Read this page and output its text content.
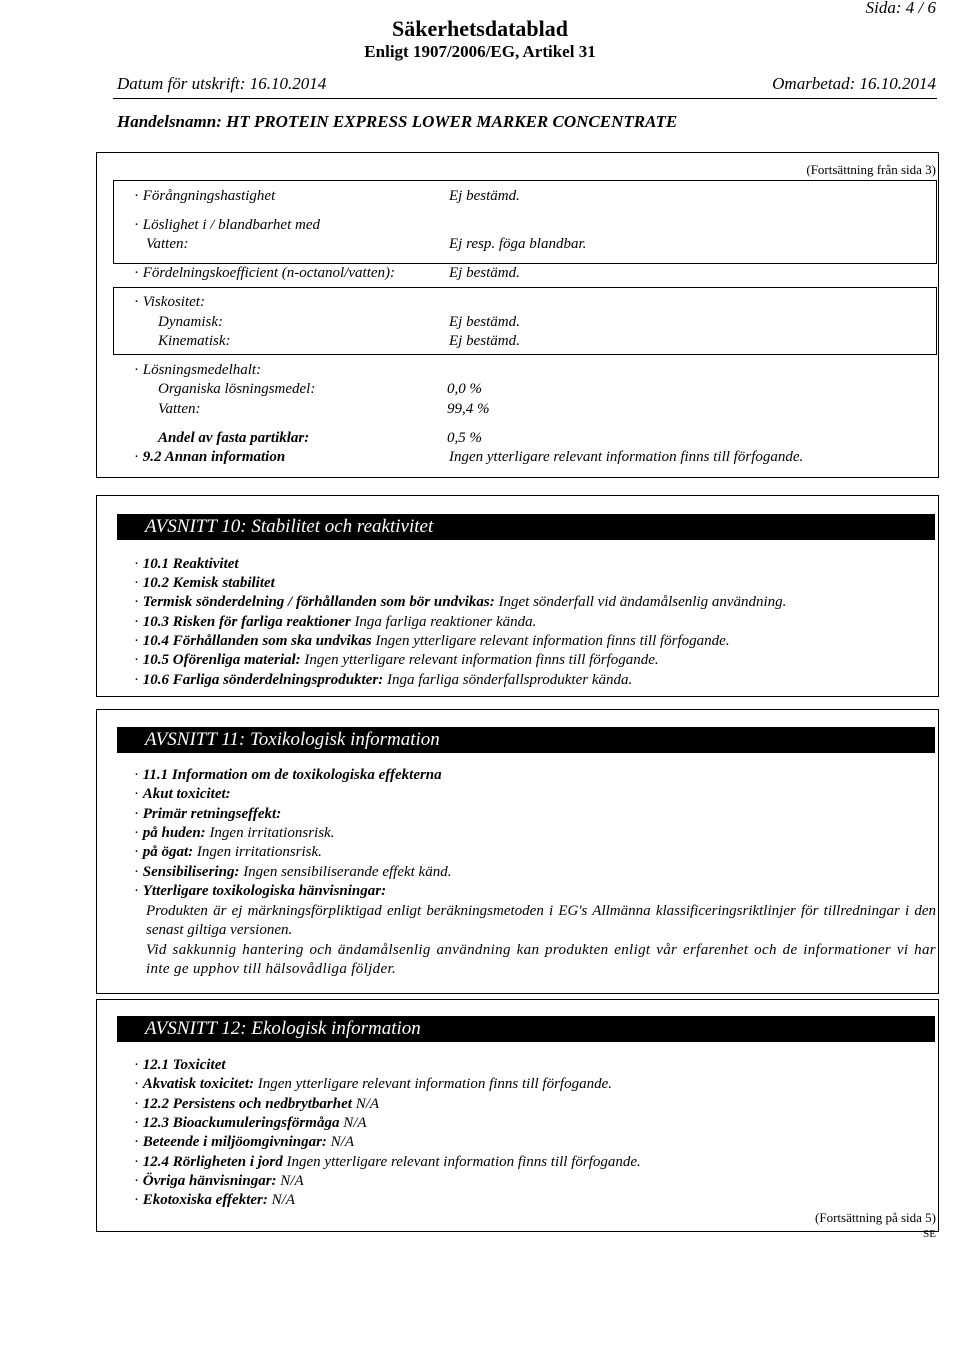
Sida: 4 / 6
Säkerhetsdatablad
Enligt 1907/2006/EG, Artikel 31
Datum för utskrift: 16.10.2014	Omarbetad: 16.10.2014
Handelsnamn: HT PROTEIN EXPRESS LOWER MARKER CONCENTRATE
(Fortsättning från sida 3)
· Förångningshastighet	Ej bestämd.
· Löslighet i / blandbarhet med
Vatten:	Ej resp. föga blandbar.
· Fördelningskoefficient (n-octanol/vatten):	Ej bestämd.
· Viskositet:
Dynamisk:	Ej bestämd.
Kinematisk:	Ej bestämd.
· Lösningsmedelhalt:
Organiska lösningsmedel:	0,0 %
Vatten:	99,4 %
Andel av fasta partiklar:	0,5 %
· 9.2 Annan information	Ingen ytterligare relevant information finns till förfogande.
AVSNITT 10: Stabilitet och reaktivitet
· 10.1 Reaktivitet
· 10.2 Kemisk stabilitet
· Termisk sönderdelning / förhållanden som bör undvikas: Inget sönderfall vid ändamålsenlig användning.
· 10.3 Risken för farliga reaktioner Inga farliga reaktioner kända.
· 10.4 Förhållanden som ska undvikas Ingen ytterligare relevant information finns till förfogande.
· 10.5 Oförenliga material: Ingen ytterligare relevant information finns till förfogande.
· 10.6 Farliga sönderdelningsprodukter: Inga farliga sönderfallsprodukter kända.
AVSNITT 11: Toxikologisk information
· 11.1 Information om de toxikologiska effekterna
· Akut toxicitet:
· Primär retningseffekt:
· på huden: Ingen irritationsrisk.
· på ögat: Ingen irritationsrisk.
· Sensibilisering: Ingen sensibiliserande effekt känd.
· Ytterligare toxikologiska hänvisningar:
Produkten är ej märkningsförpliktigad enligt beräkningsmetoden i EG's Allmänna klassificeringsriktlinjer för tillredningar i den senast giltiga versionen.
Vid sakkunnig hantering och ändamålsenlig användning kan produkten enligt vår erfarenhet och de informationer vi har inte ge upphov till hälsovådliga följder.
AVSNITT 12: Ekologisk information
· 12.1 Toxicitet
· Akvatisk toxicitet: Ingen ytterligare relevant information finns till förfogande.
· 12.2 Persistens och nedbrytbarhet N/A
· 12.3 Bioackumuleringsförmåga N/A
· Beteende i miljöomgivningar: N/A
· 12.4 Rörligheten i jord Ingen ytterligare relevant information finns till förfogande.
· Övriga hänvisningar: N/A
· Ekotoxiska effekter: N/A
(Fortsättning på sida 5)
SE
